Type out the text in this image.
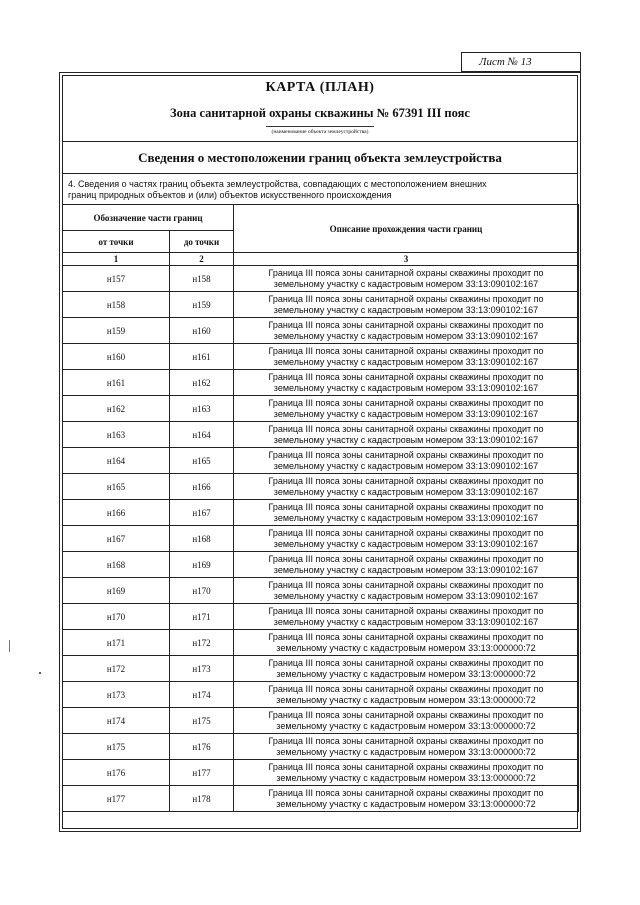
Лист № 13
КАРТА (ПЛАН)
Зона санитарной охраны скважины № 67391 III пояс
(наименование объекта землеустройства)
Сведения о местоположении границ объекта землеустройства
4. Сведения о частях границ объекта землеустройства, совпадающих с местоположением внешних
границ природных объектов и (или) объектов искусственного происхождения
Обозначение части границ		Описание прохождения части границ
от точки	до точки	
1	2	3
н157	н158	Граница III пояса зоны санитарной охраны скважины проходит по
земельному участку с кадастровым номером 33:13:090102:167

н158	н159	Граница III пояса зоны санитарной охраны скважины проходит по
земельному участку с кадастровым номером 33:13:090102:167

н159	н160	Граница III пояса зоны санитарной охраны скважины проходит по
земельному участку с кадастровым номером 33:13:090102:167

н160	н161	Граница III пояса зоны санитарной охраны скважины проходит по
земельному участку с кадастровым номером 33:13:090102:167

н161	н162	Граница III пояса зоны санитарной охраны скважины проходит по
земельному участку с кадастровым номером 33:13:090102:167

н162	н163	Граница III пояса зоны санитарной охраны скважины проходит по
земельному участку с кадастровым номером 33:13:090102:167

н163	н164	Граница III пояса зоны санитарной охраны скважины проходит по
земельному участку с кадастровым номером 33:13:090102:167

н164	н165	Граница III пояса зоны санитарной охраны скважины проходит по
земельному участку с кадастровым номером 33:13:090102:167

н165	н166	Граница III пояса зоны санитарной охраны скважины проходит по
земельному участку с кадастровым номером 33:13:090102:167

н166	н167	Граница III пояса зоны санитарной охраны скважины проходит по
земельному участку с кадастровым номером 33:13:090102:167

н167	н168	Граница III пояса зоны санитарной охраны скважины проходит по
земельному участку с кадастровым номером 33:13:090102:167

н168	н169	Граница III пояса зоны санитарной охраны скважины проходит по
земельному участку с кадастровым номером 33:13:090102:167

н169	н170	Граница III пояса зоны санитарной охраны скважины проходит по
земельному участку с кадастровым номером 33:13:090102:167

н170	н171	Граница III пояса зоны санитарной охраны скважины проходит по
земельному участку с кадастровым номером 33:13:090102:167

н171	н172	Граница III пояса зоны санитарной охраны скважины проходит по
земельному участку с кадастровым номером 33:13:000000:72

н172	н173	Граница III пояса зоны санитарной охраны скважины проходит по
земельному участку с кадастровым номером 33:13:000000:72

н173	н174	Граница III пояса зоны санитарной охраны скважины проходит по
земельному участку с кадастровым номером 33:13:000000:72

н174	н175	Граница III пояса зоны санитарной охраны скважины проходит по
земельному участку с кадастровым номером 33:13:000000:72

н175	н176	Граница III пояса зоны санитарной охраны скважины проходит по
земельному участку с кадастровым номером 33:13:000000:72

н176	н177	Граница III пояса зоны санитарной охраны скважины проходит по
земельному участку с кадастровым номером 33:13:000000:72

н177	н178	Граница III пояса зоны санитарной охраны скважины проходит по
земельному участку с кадастровым номером 33:13:000000:72
